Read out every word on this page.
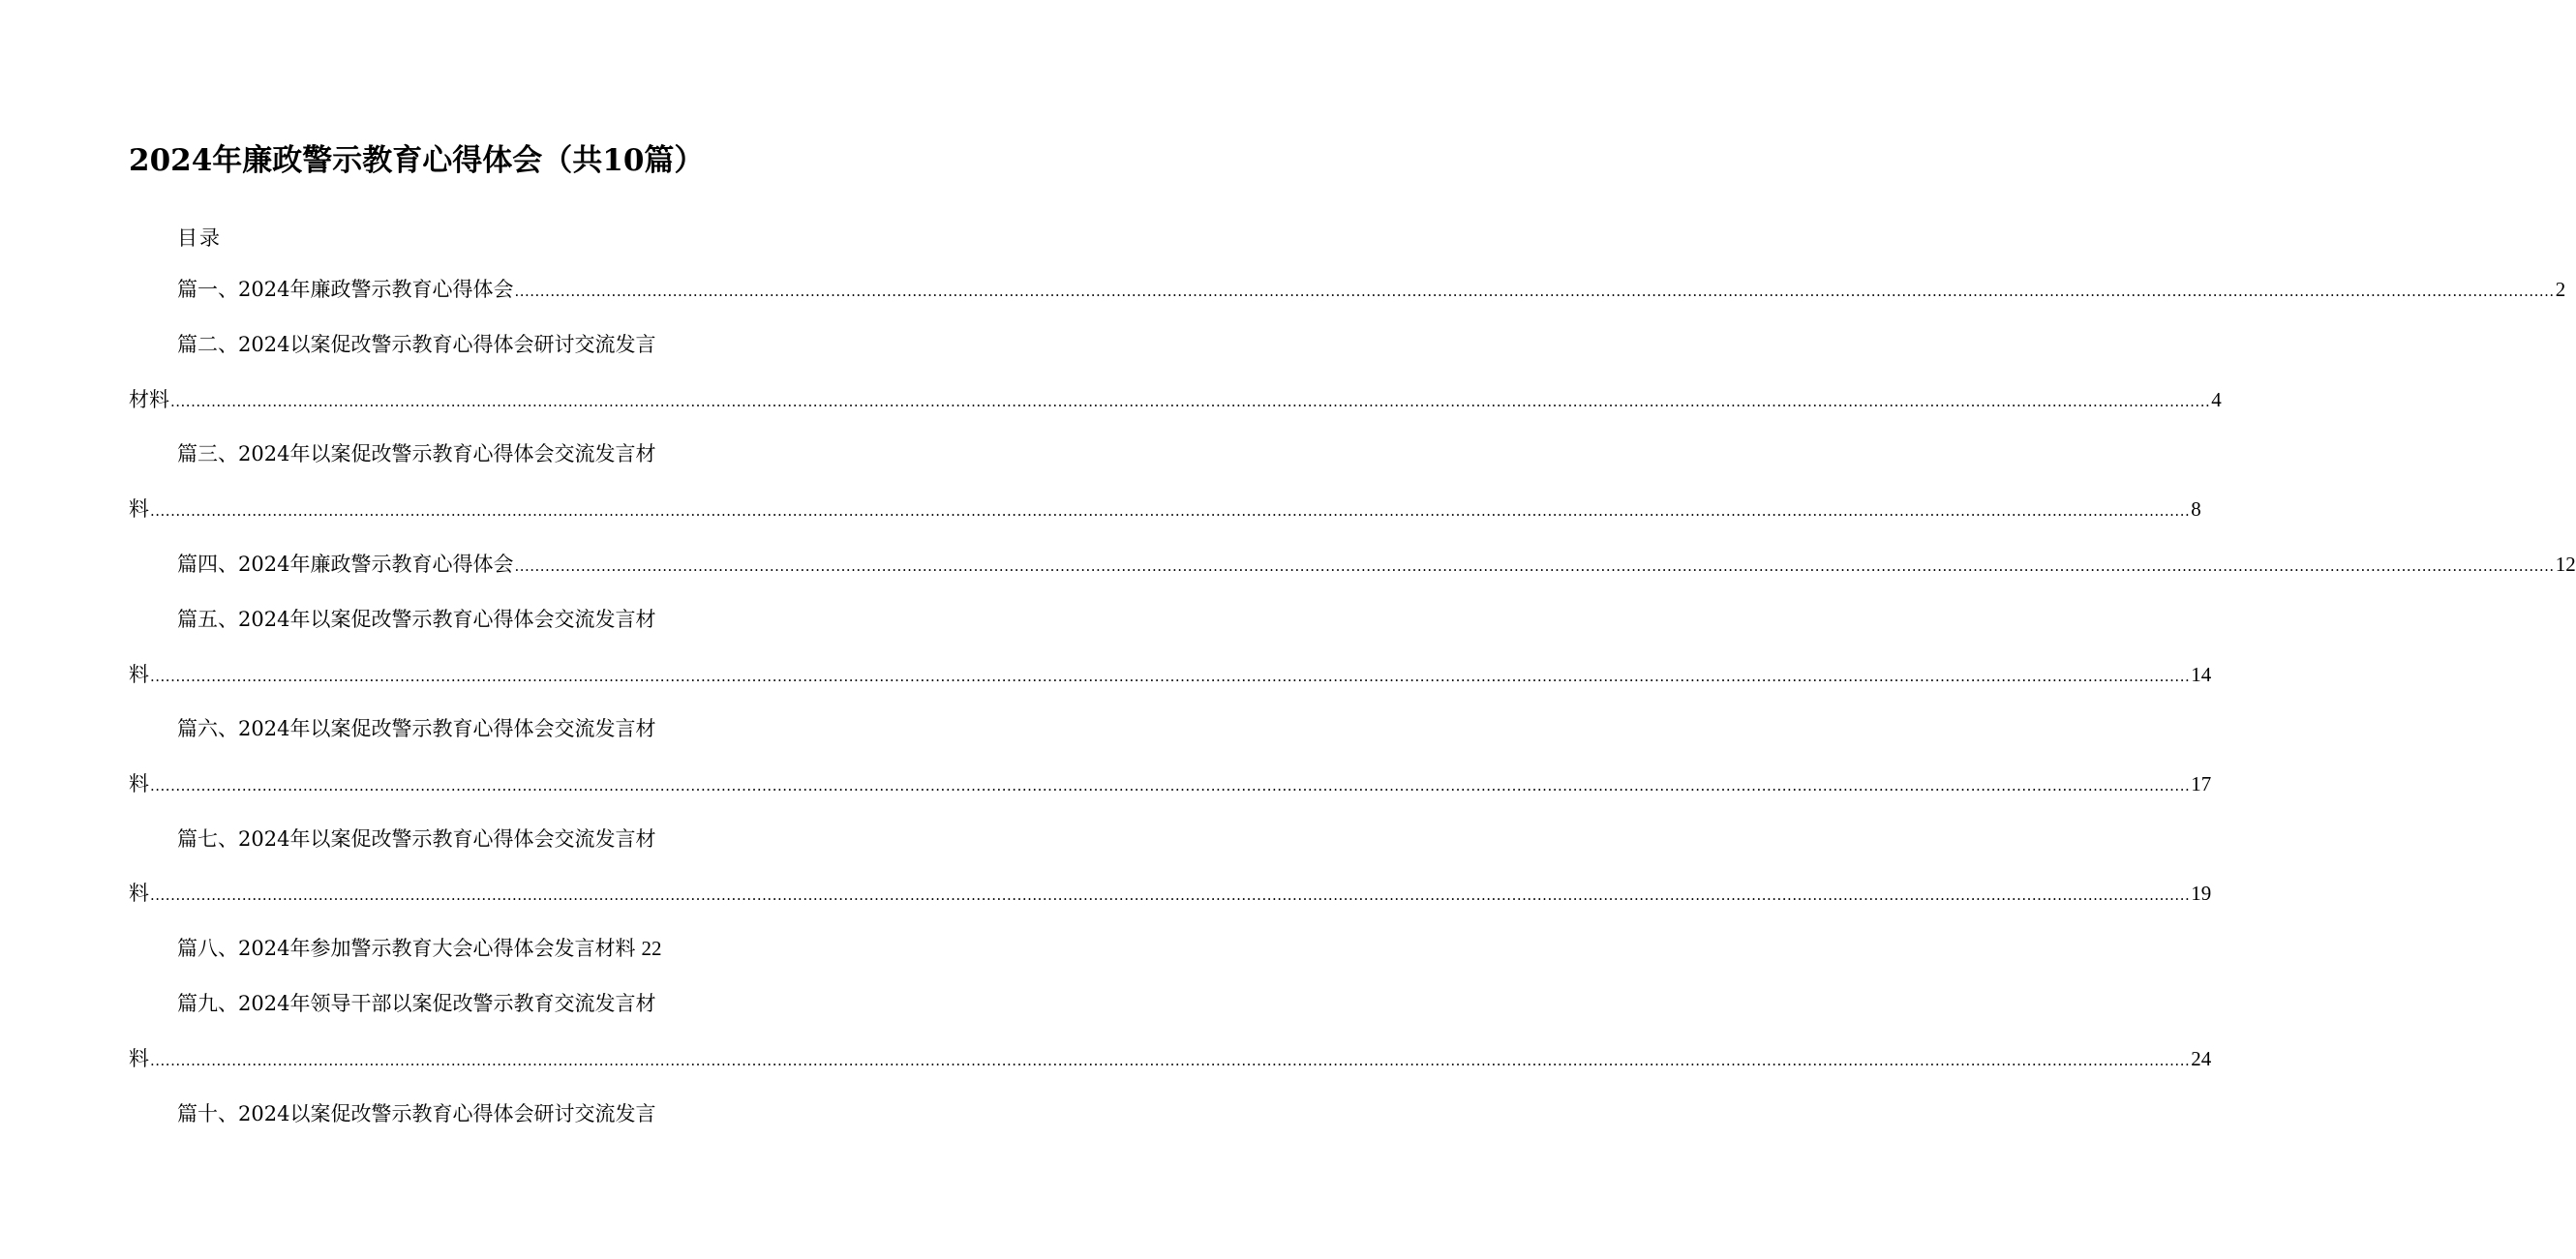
2024年廉政警示教育心得体会（共10篇）
目录
篇一、2024年廉政警示教育心得体会 ................................................................................................................................................................................................................................................................................................................................................................................................................ 2
篇二、2024以案促改警示教育心得体会研讨交流发言
材料 ................................................................................................................................................................................................................................................................................................................................................................................................................ 4
篇三、2024年以案促改警示教育心得体会交流发言材
料 ................................................................................................................................................................................................................................................................................................................................................................................................................ 8
篇四、2024年廉政警示教育心得体会 ................................................................................................................................................................................................................................................................................................................................................................................................................ 12
篇五、2024年以案促改警示教育心得体会交流发言材
料 ................................................................................................................................................................................................................................................................................................................................................................................................................ 14
篇六、2024年以案促改警示教育心得体会交流发言材
料 ................................................................................................................................................................................................................................................................................................................................................................................................................ 17
篇七、2024年以案促改警示教育心得体会交流发言材
料 ................................................................................................................................................................................................................................................................................................................................................................................................................ 19
篇八、2024年参加警示教育大会心得体会发言材料 22
篇九、2024年领导干部以案促改警示教育交流发言材
料 ................................................................................................................................................................................................................................................................................................................................................................................................................ 24
篇十、2024以案促改警示教育心得体会研讨交流发言
